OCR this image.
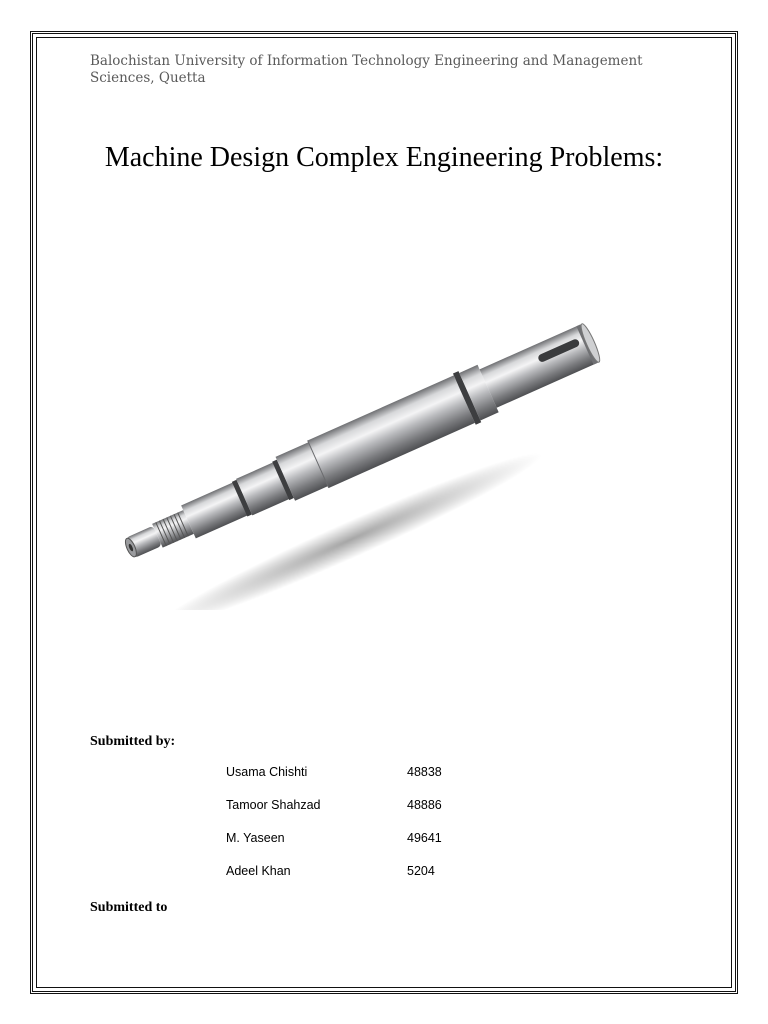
Balochistan University of Information Technology Engineering and Management Sciences, Quetta
Machine Design Complex Engineering Problems:
Submitted by:
Usama Chishti	48838
Tamoor Shahzad	48886
M. Yaseen	49641
Adeel Khan	5204
Submitted to
